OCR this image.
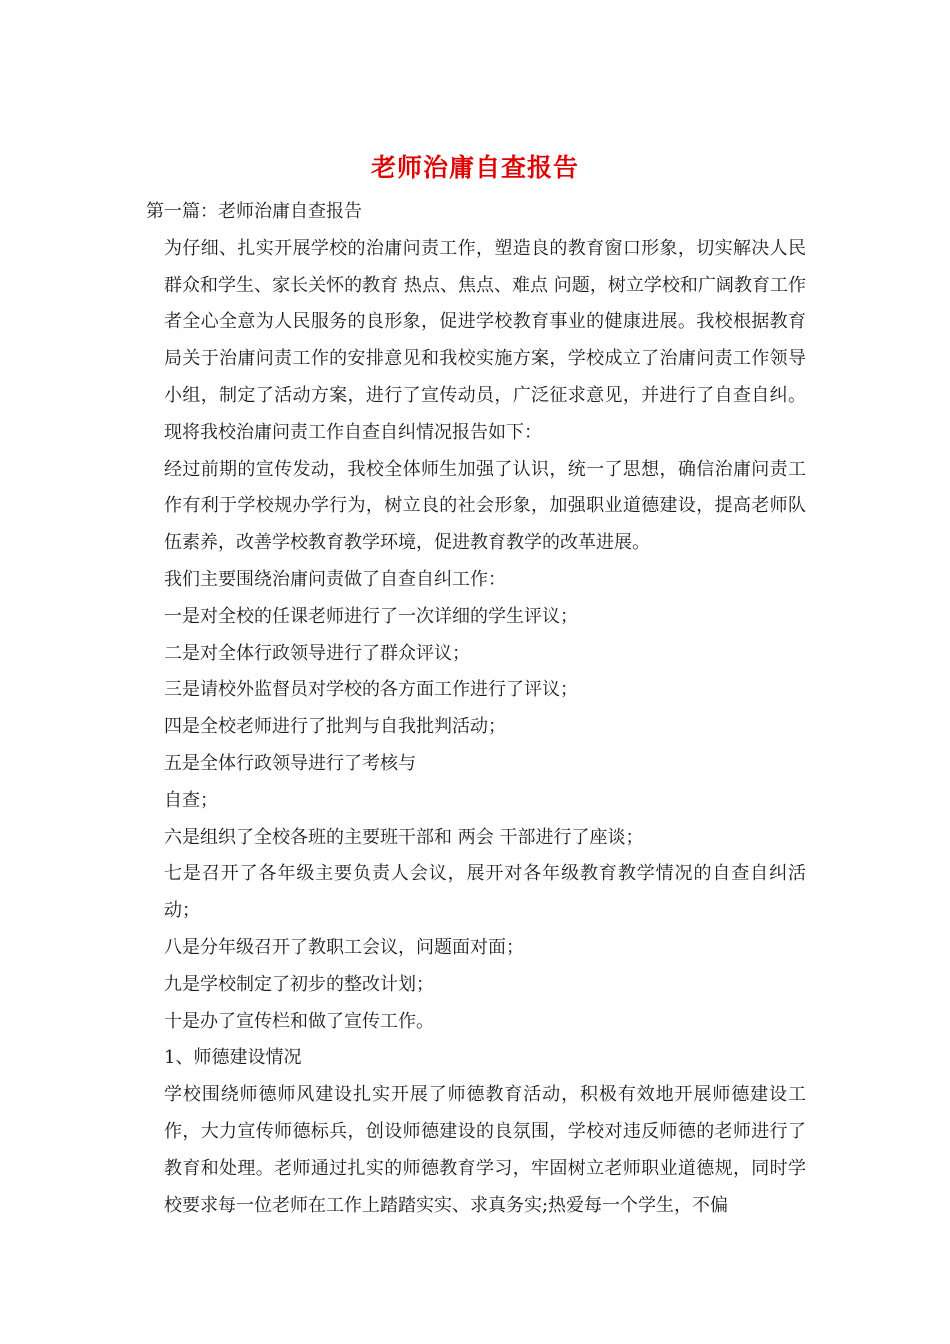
老师治庸自查报告

第一篇：老师治庸自查报告

为仔细、扎实开展学校的治庸问责工作，塑造良的教育窗口形象，切实解决人民群众和学生、家长关怀的教育 热点、焦点、难点 问题，树立学校和广阔教育工作者全心全意为人民服务的良形象，促进学校教育事业的健康进展。我校根据教育局关于治庸问责工作的安排意见和我校实施方案，学校成立了治庸问责工作领导小组，制定了活动方案，进行了宣传动员，广泛征求意见，并进行了自查自纠。现将我校治庸问责工作自查自纠情况报告如下：

经过前期的宣传发动，我校全体师生加强了认识，统一了思想，确信治庸问责工作有利于学校规办学行为，树立良的社会形象，加强职业道德建设，提高老师队伍素养，改善学校教育教学环境，促进教育教学的改革进展。

我们主要围绕治庸问责做了自查自纠工作：

一是对全校的任课老师进行了一次详细的学生评议；

二是对全体行政领导进行了群众评议；

三是请校外监督员对学校的各方面工作进行了评议；

四是全校老师进行了批判与自我批判活动；

五是全体行政领导进行了考核与

自查；

六是组织了全校各班的主要班干部和 两会 干部进行了座谈；

七是召开了各年级主要负责人会议，展开对各年级教育教学情况的自查自纠活动；

八是分年级召开了教职工会议，问题面对面；

九是学校制定了初步的整改计划；

十是办了宣传栏和做了宣传工作。

1、师德建设情况

学校围绕师德师风建设扎实开展了师德教育活动，积极有效地开展师德建设工作，大力宣传师德标兵，创设师德建设的良氛围，学校对违反师德的老师进行了教育和处理。老师通过扎实的师德教育学习，牢固树立老师职业道德规，同时学校要求每一位老师在工作上踏踏实实、求真务实;热爱每一个学生，不偏
